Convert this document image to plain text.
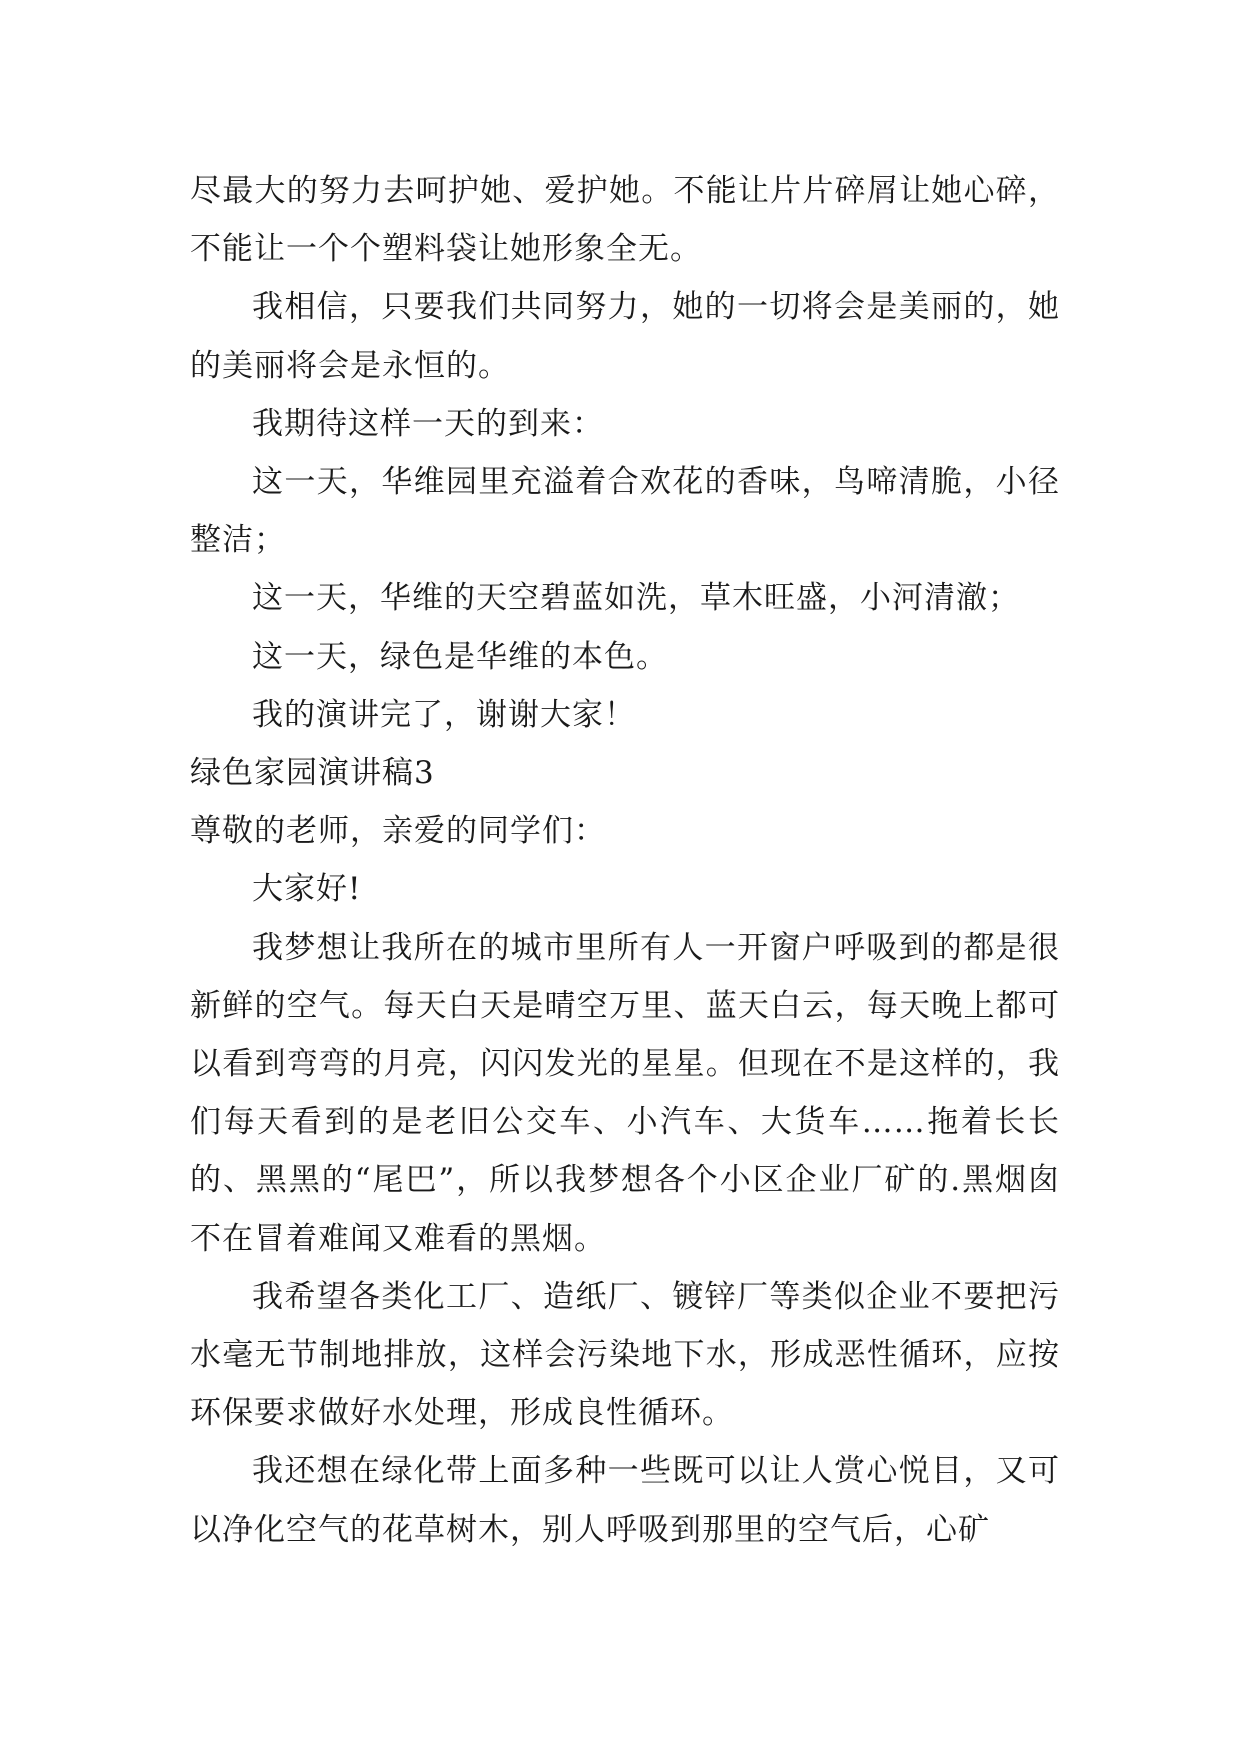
尽最大的努力去呵护她、爱护她。不能让片片碎屑让她心碎，不能让一个个塑料袋让她形象全无。

我相信，只要我们共同努力，她的一切将会是美丽的，她的美丽将会是永恒的。

我期待这样一天的到来：

这一天，华维园里充溢着合欢花的香味，鸟啼清脆，小径整洁；

这一天，华维的天空碧蓝如洗，草木旺盛，小河清澈；

这一天，绿色是华维的本色。

我的演讲完了，谢谢大家！

绿色家园演讲稿3

尊敬的老师，亲爱的同学们：

大家好!

我梦想让我所在的城市里所有人一开窗户呼吸到的都是很新鲜的空气。每天白天是晴空万里、蓝天白云，每天晚上都可以看到弯弯的月亮，闪闪发光的星星。但现在不是这样的，我们每天看到的是老旧公交车、小汽车、大货车……拖着长长的、黑黑的“尾巴”，所以我梦想各个小区企业厂矿的.黑烟囱不在冒着难闻又难看的黑烟。

我希望各类化工厂、造纸厂、镀锌厂等类似企业不要把污水毫无节制地排放，这样会污染地下水，形成恶性循环，应按环保要求做好水处理，形成良性循环。

我还想在绿化带上面多种一些既可以让人赏心悦目，又可以净化空气的花草树木，别人呼吸到那里的空气后，心矿
